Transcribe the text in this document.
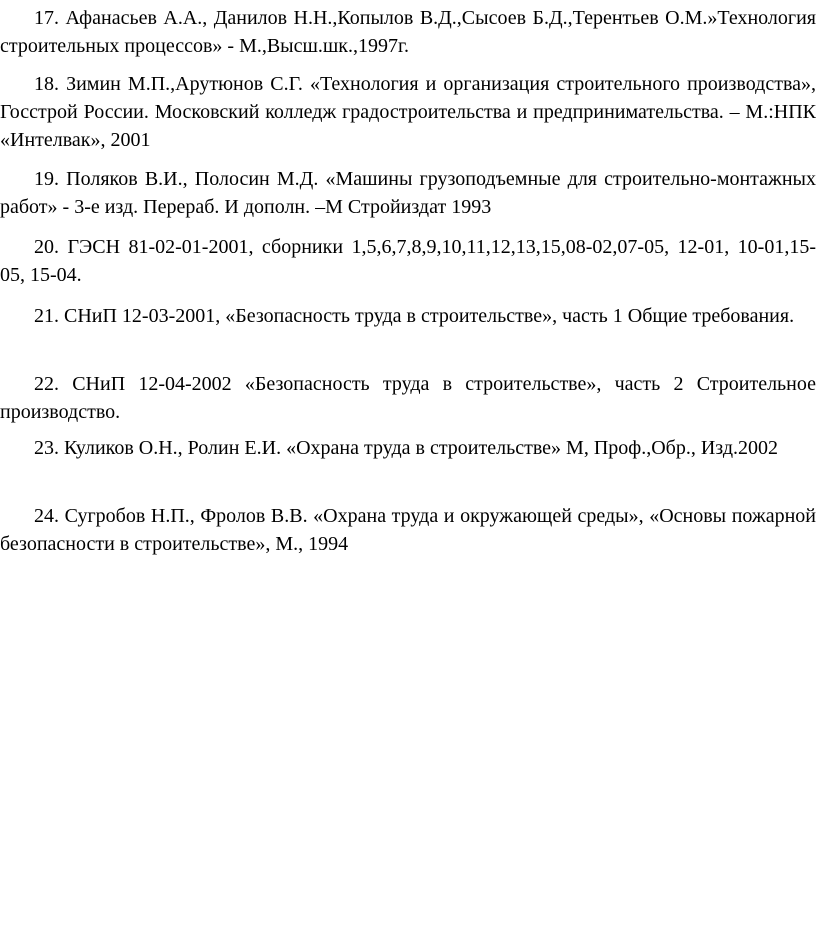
17. Афанасьев А.А., Данилов Н.Н.,Копылов В.Д.,Сысоев Б.Д.,Терентьев О.М.»Технология строительных процессов» - М.,Высш.шк.,1997г.

18. Зимин М.П.,Арутюнов С.Г. «Технология и организация строительного производства», Госстрой России. Московский колледж градостроительства и предпринимательства. – М.:НПК «Интелвак», 2001

19. Поляков В.И., Полосин М.Д. «Машины грузоподъемные для строительно-монтажных работ» - 3-е изд. Перераб. И дополн. –М Стройиздат 1993

20. ГЭСН 81-02-01-2001, сборники 1,5,6,7,8,9,10,11,12,13,15,08-02,07-05, 12-01, 10-01,15-05, 15-04.

21. СНиП 12-03-2001, «Безопасность труда в строительстве», часть 1 Общие требования.

22. СНиП 12-04-2002 «Безопасность труда в строительстве», часть 2 Строительное производство.

23. Куликов О.Н., Ролин Е.И. «Охрана труда в строительстве» М, Проф.,Обр., Изд.2002

24. Сугробов Н.П., Фролов В.В. «Охрана труда и окружающей среды», «Основы пожарной безопасности в строительстве», М., 1994
